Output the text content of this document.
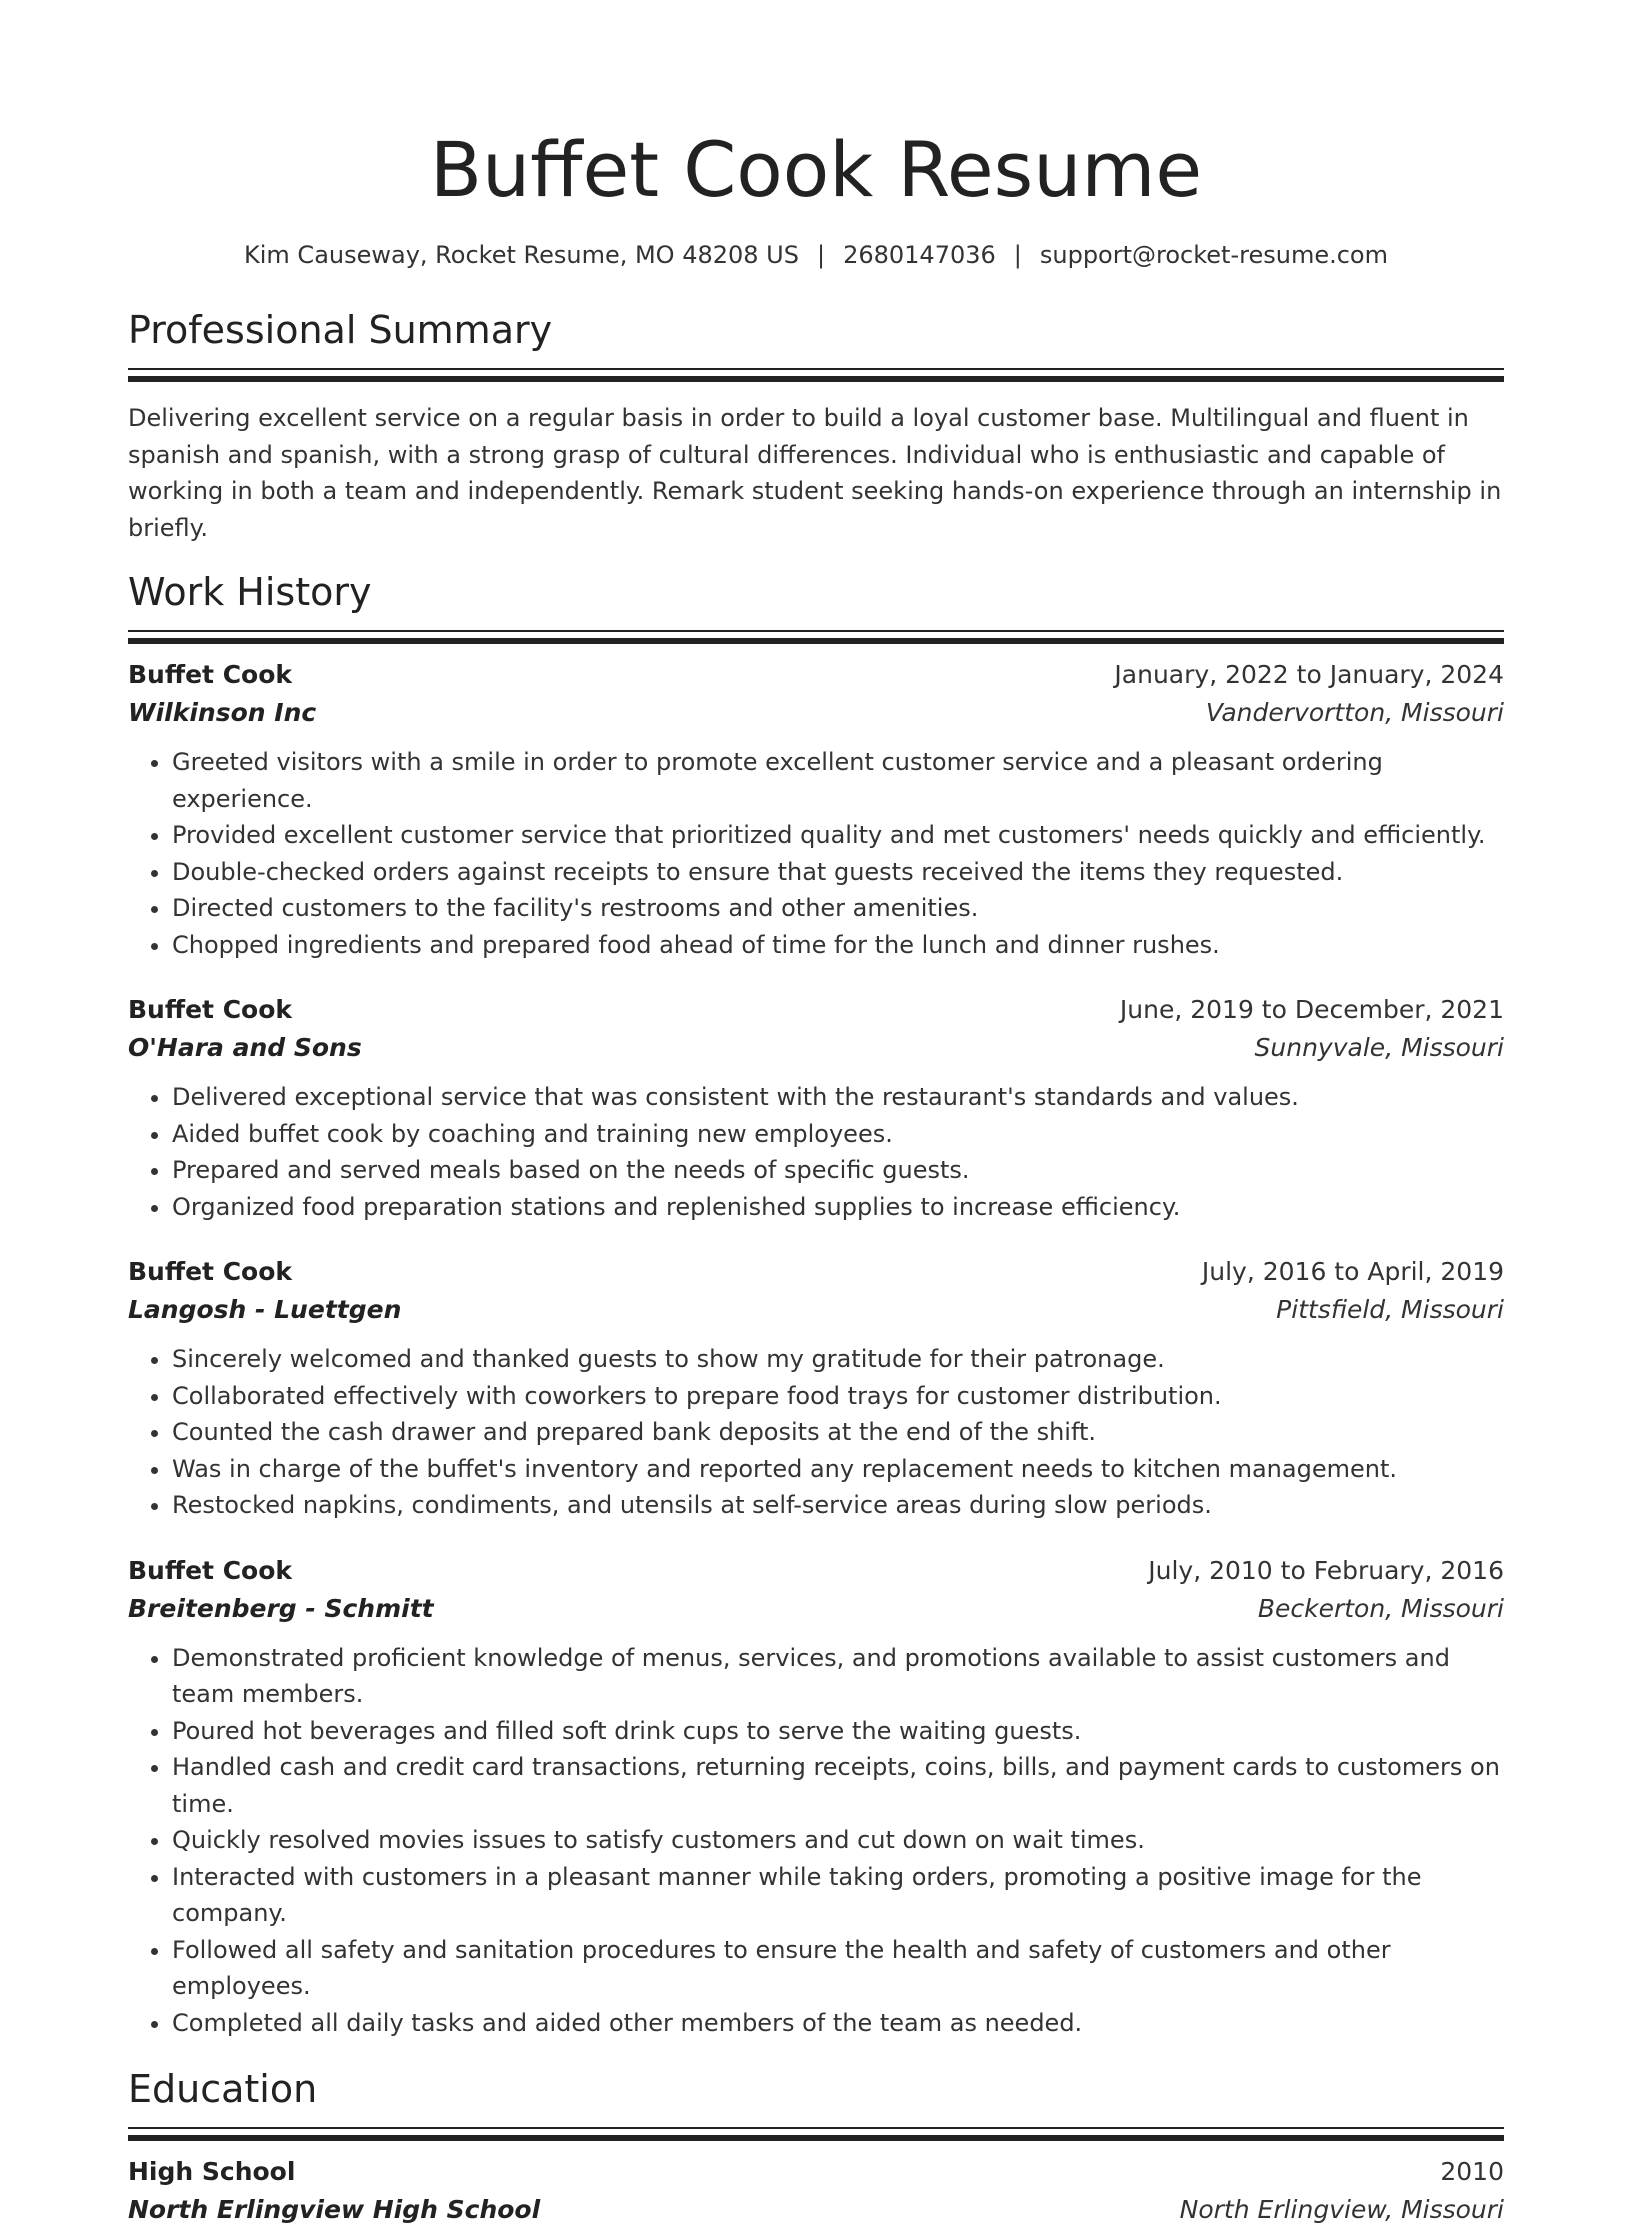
Buffet Cook Resume
Kim Causeway, Rocket Resume, MO 48208 US | 2680147036 | support@rocket-resume.com
Professional Summary
Delivering excellent service on a regular basis in order to build a loyal customer base. Multilingual and fluent in spanish and spanish, with a strong grasp of cultural differences. Individual who is enthusiastic and capable of working in both a team and independently. Remark student seeking hands-on experience through an internship in briefly.
Work History
Buffet Cook	January, 2022 to January, 2024
Wilkinson Inc	Vandervortton, Missouri
• Greeted visitors with a smile in order to promote excellent customer service and a pleasant ordering experience.
• Provided excellent customer service that prioritized quality and met customers' needs quickly and efficiently.
• Double-checked orders against receipts to ensure that guests received the items they requested.
• Directed customers to the facility's restrooms and other amenities.
• Chopped ingredients and prepared food ahead of time for the lunch and dinner rushes.
Buffet Cook	June, 2019 to December, 2021
O'Hara and Sons	Sunnyvale, Missouri
• Delivered exceptional service that was consistent with the restaurant's standards and values.
• Aided buffet cook by coaching and training new employees.
• Prepared and served meals based on the needs of specific guests.
• Organized food preparation stations and replenished supplies to increase efficiency.
Buffet Cook	July, 2016 to April, 2019
Langosh - Luettgen	Pittsfield, Missouri
• Sincerely welcomed and thanked guests to show my gratitude for their patronage.
• Collaborated effectively with coworkers to prepare food trays for customer distribution.
• Counted the cash drawer and prepared bank deposits at the end of the shift.
• Was in charge of the buffet's inventory and reported any replacement needs to kitchen management.
• Restocked napkins, condiments, and utensils at self-service areas during slow periods.
Buffet Cook	July, 2010 to February, 2016
Breitenberg - Schmitt	Beckerton, Missouri
• Demonstrated proficient knowledge of menus, services, and promotions available to assist customers and team members.
• Poured hot beverages and filled soft drink cups to serve the waiting guests.
• Handled cash and credit card transactions, returning receipts, coins, bills, and payment cards to customers on time.
• Quickly resolved movies issues to satisfy customers and cut down on wait times.
• Interacted with customers in a pleasant manner while taking orders, promoting a positive image for the company.
• Followed all safety and sanitation procedures to ensure the health and safety of customers and other employees.
• Completed all daily tasks and aided other members of the team as needed.
Education
High School	2010
North Erlingview High School	North Erlingview, Missouri
